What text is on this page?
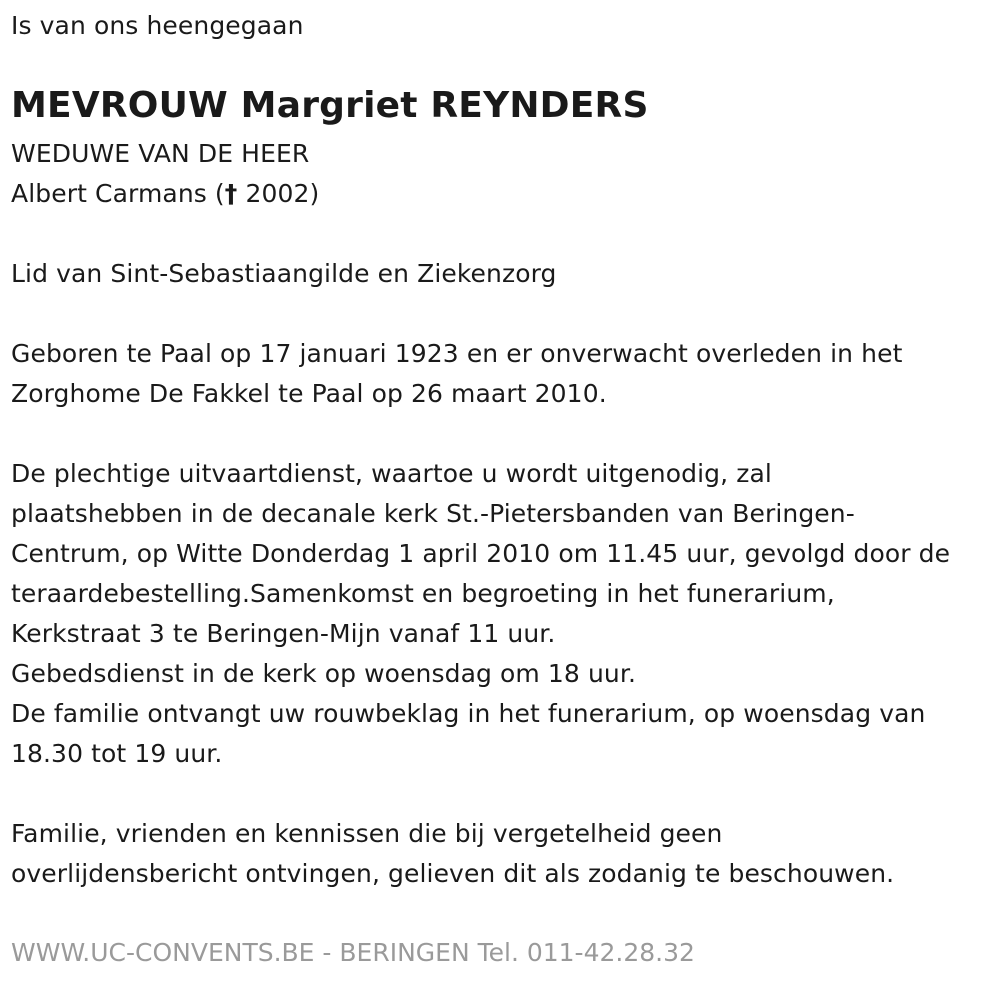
Is van ons heengegaan
MEVROUW Margriet REYNDERS
WEDUWE VAN DE HEER
Albert Carmans († 2002)
Lid van Sint-Sebastiaangilde en Ziekenzorg
Geboren te Paal op 17 januari 1923 en er onverwacht overleden in het
Zorghome De Fakkel te Paal op 26 maart 2010.
De plechtige uitvaartdienst, waartoe u wordt uitgenodig, zal
plaatshebben in de decanale kerk St.-Pietersbanden van Beringen-
Centrum, op Witte Donderdag 1 april 2010 om 11.45 uur, gevolgd door de
teraardebestelling.Samenkomst en begroeting in het funerarium,
Kerkstraat 3 te Beringen-Mijn vanaf 11 uur.
Gebedsdienst in de kerk op woensdag om 18 uur.
De familie ontvangt uw rouwbeklag in het funerarium, op woensdag van
18.30 tot 19 uur.
Familie, vrienden en kennissen die bij vergetelheid geen
overlijdensbericht ontvingen, gelieven dit als zodanig te beschouwen.
WWW.UC-CONVENTS.BE - BERINGEN Tel. 011-42.28.32
